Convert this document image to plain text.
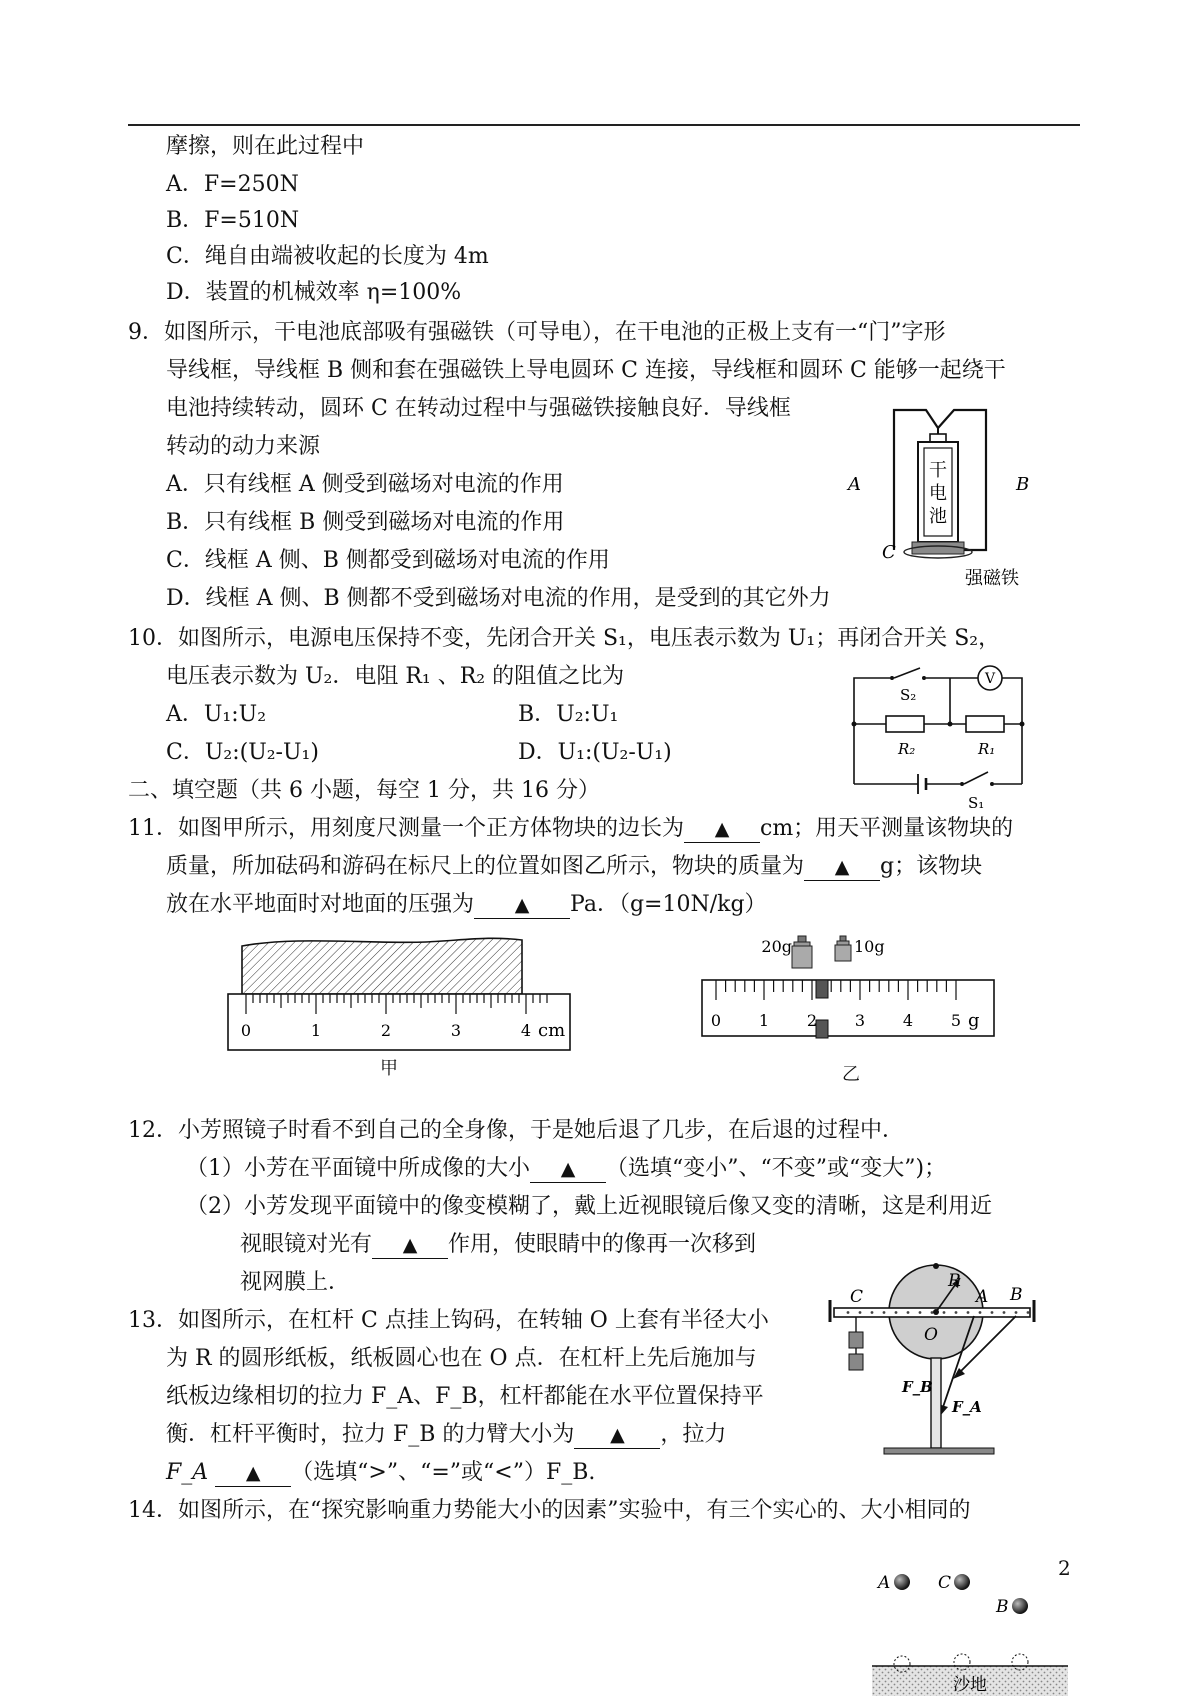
摩擦，则在此过程中
A．F=250N
B．F=510N
C．绳自由端被收起的长度为 4m
D．装置的机械效率 η=100%
9．如图所示，干电池底部吸有强磁铁（可导电），在干电池的正极上支有一“门”字形
导线框，导线框 B 侧和套在强磁铁上导电圆环 C 连接，导线框和圆环 C 能够一起绕干
电池持续转动，圆环 C 在转动过程中与强磁铁接触良好．导线框
转动的动力来源
A．只有线框 A 侧受到磁场对电流的作用
B．只有线框 B 侧受到磁场对电流的作用
C．线框 A 侧、B 侧都受到磁场对电流的作用
D．线框 A 侧、B 侧都不受到磁场对电流的作用，是受到的其它外力
干
电
池
A	B
C
强磁铁
10．如图所示，电源电压保持不变，先闭合开关 S₁，电压表示数为 U₁；再闭合开关 S₂，
电压表示数为 U₂．电阻 R₁ 、R₂ 的阻值之比为
A．U₁:U₂	B．U₂:U₁
C．U₂:(U₂-U₁)	D．U₁:(U₂-U₁)
S₂
V
R₂	R₁
S₁
二、填空题（共 6 小题，每空 1 分，共 16 分）
11．如图甲所示，用刻度尺测量一个正方体物块的边长为 ▲ cm；用天平测量该物块的
质量，所加砝码和游码在标尺上的位置如图乙所示，物块的质量为 ▲ g；该物块
放在水平地面时对地面的压强为 ▲ Pa．（g=10N/kg）
0	1	2	3	4 cm
甲
20g	10g
0 1 2 3 4 5 g
乙
12．小芳照镜子时看不到自己的全身像，于是她后退了几步，在后退的过程中．
（1）小芳在平面镜中所成像的大小 ▲ （选填“变小”、“不变”或“变大”)；
（2）小芳发现平面镜中的像变模糊了，戴上近视眼镜后像又变的清晰，这是利用近
视眼镜对光有 ▲ 作用，使眼睛中的像再一次移到
视网膜上．
13．如图所示，在杠杆 C 点挂上钩码，在转轴 O 上套有半径大小
为 R 的圆形纸板，纸板圆心也在 O 点．在杠杆上先后施加与
纸板边缘相切的拉力 F_A、F_B，杠杆都能在水平位置保持平
衡．杠杆平衡时，拉力 F_B 的力臂大小为 ▲ ，拉力
F_A ▲ （选填“>”、“=”或“<”）F_B.
C
R
A B
O
F_B
F_A
14．如图所示，在“探究影响重力势能大小的因素”实验中，有三个实心的、大小相同的
A	C
B
沙地
2
